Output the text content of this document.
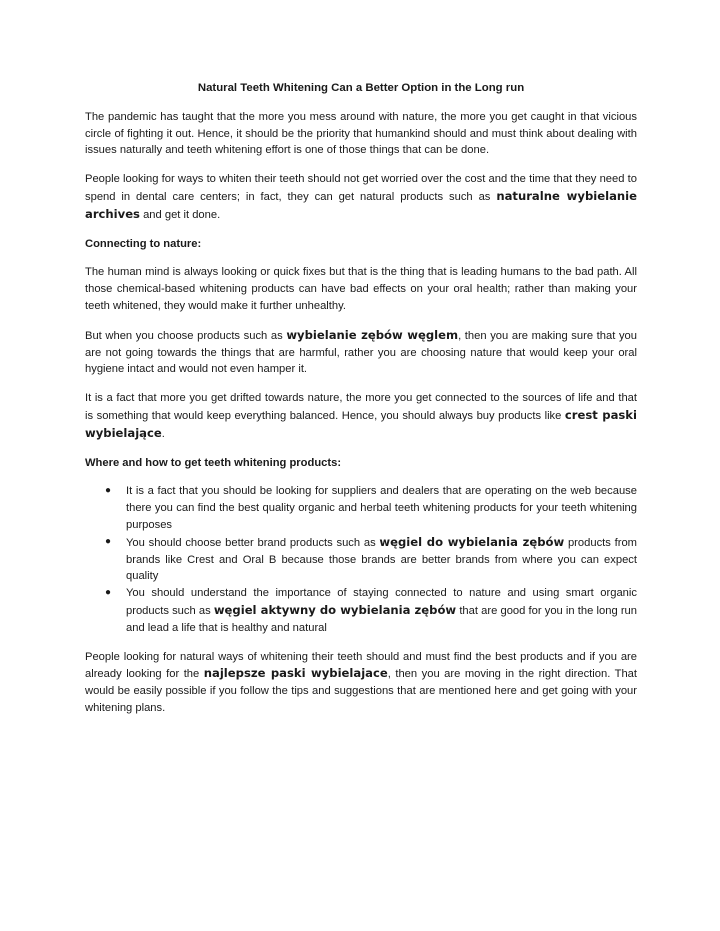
Natural Teeth Whitening Can a Better Option in the Long run

The pandemic has taught that the more you mess around with nature, the more you get caught in that vicious circle of fighting it out. Hence, it should be the priority that humankind should and must think about dealing with issues naturally and teeth whitening effort is one of those things that can be done.

People looking for ways to whiten their teeth should not get worried over the cost and the time that they need to spend in dental care centers; in fact, they can get natural products such as naturalne wybielanie archives and get it done.

Connecting to nature:

The human mind is always looking or quick fixes but that is the thing that is leading humans to the bad path. All those chemical-based whitening products can have bad effects on your oral health; rather than making your teeth whitened, they would make it further unhealthy.

But when you choose products such as wybielanie zębów węglem, then you are making sure that you are not going towards the things that are harmful, rather you are choosing nature that would keep your oral hygiene intact and would not even hamper it.

It is a fact that more you get drifted towards nature, the more you get connected to the sources of life and that is something that would keep everything balanced. Hence, you should always buy products like crest paski wybielające.

Where and how to get teeth whitening products:
● It is a fact that you should be looking for suppliers and dealers that are operating on the web because there you can find the best quality organic and herbal teeth whitening products for your teeth whitening purposes
● You should choose better brand products such as węgiel do wybielania zębów products from brands like Crest and Oral B because those brands are better brands from where you can expect quality
● You should understand the importance of staying connected to nature and using smart organic products such as węgiel aktywny do wybielania zębów that are good for you in the long run and lead a life that is healthy and natural

People looking for natural ways of whitening their teeth should and must find the best products and if you are already looking for the najlepsze paski wybielajace, then you are moving in the right direction. That would be easily possible if you follow the tips and suggestions that are mentioned here and get going with your whitening plans.
